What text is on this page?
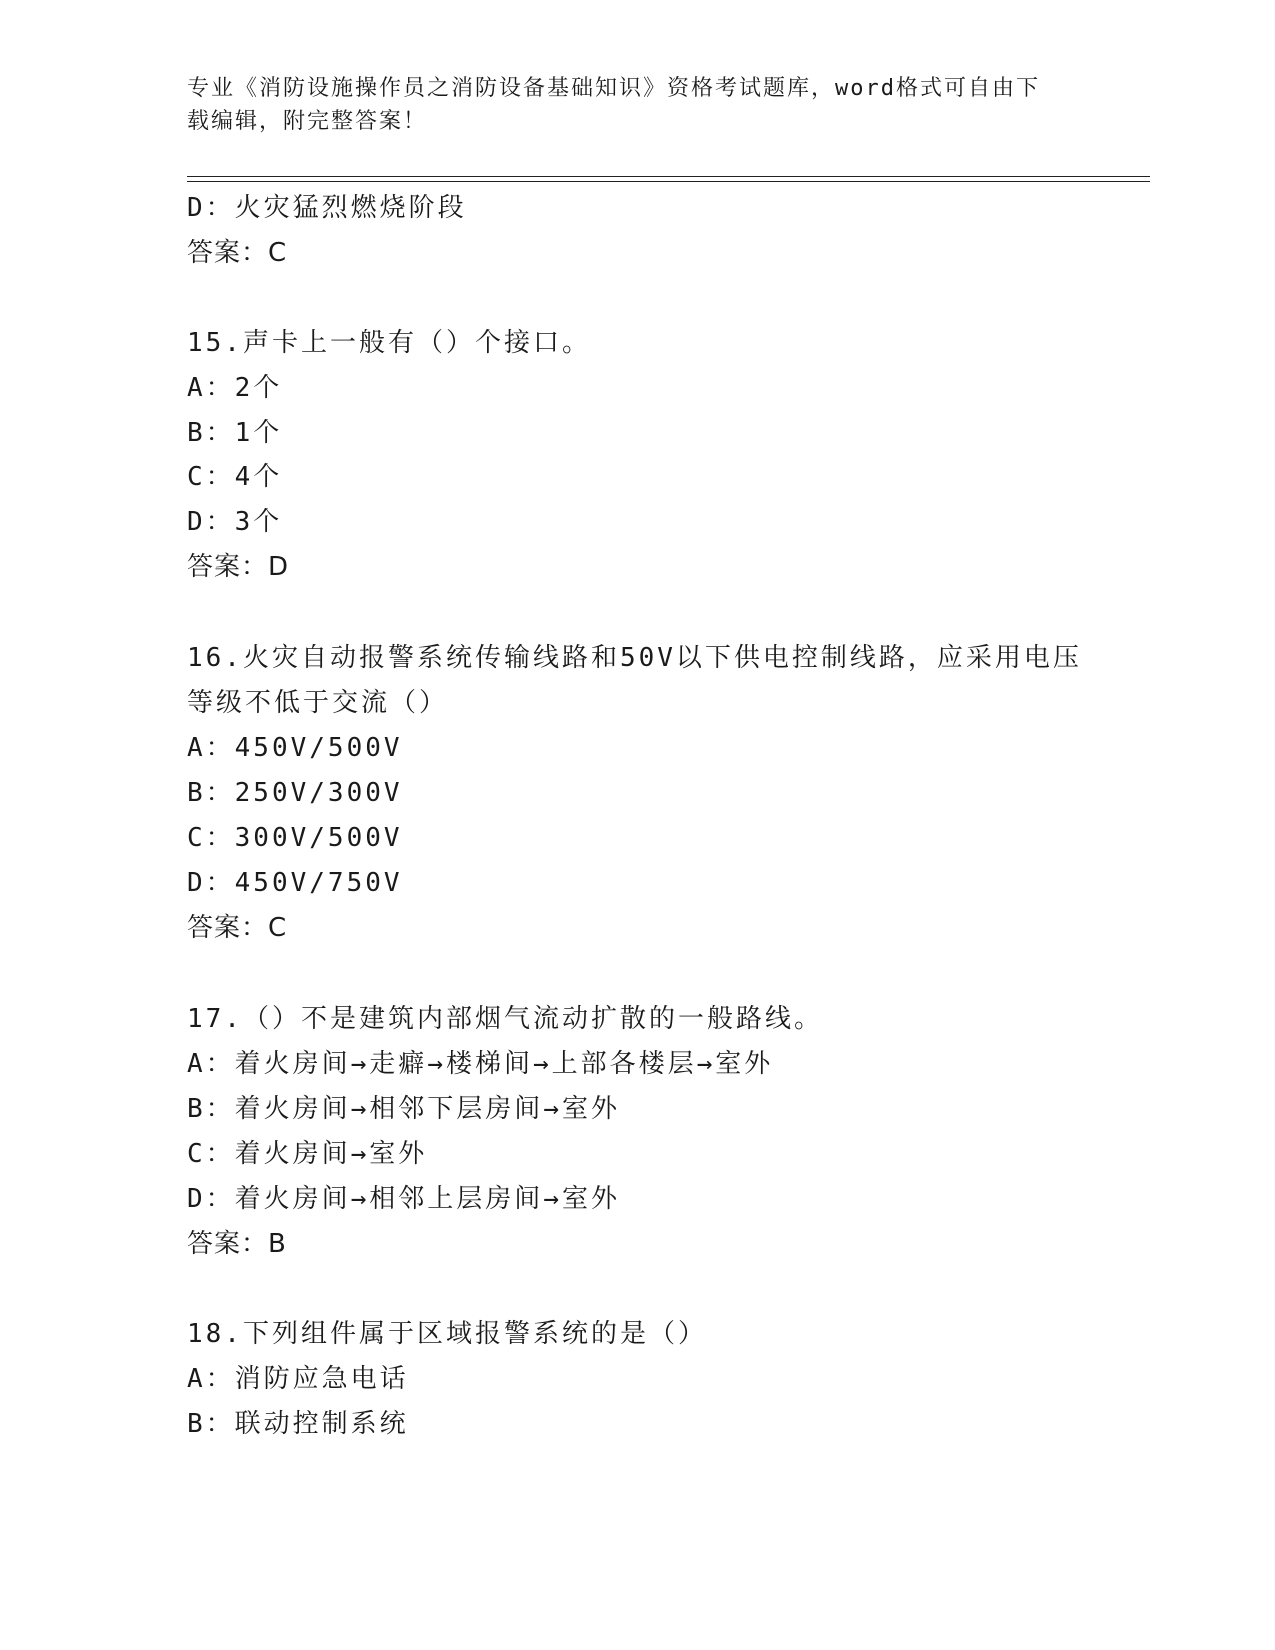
专业《消防设施操作员之消防设备基础知识》资格考试题库，word格式可自由下
载编辑，附完整答案！
D：火灾猛烈燃烧阶段
答案：C
15.声卡上一般有（）个接口。
A：2个
B：1个
C：4个
D：3个
答案：D
16.火灾自动报警系统传输线路和50V以下供电控制线路，应采用电压
等级不低于交流（）
A：450V/500V
B：250V/300V
C：300V/500V
D：450V/750V
答案：C
17.（）不是建筑内部烟气流动扩散的一般路线。
A：着火房间→走癖→楼梯间→上部各楼层→室外
B：着火房间→相邻下层房间→室外
C：着火房间→室外
D：着火房间→相邻上层房间→室外
答案：B
18.下列组件属于区域报警系统的是（）
A：消防应急电话
B：联动控制系统
